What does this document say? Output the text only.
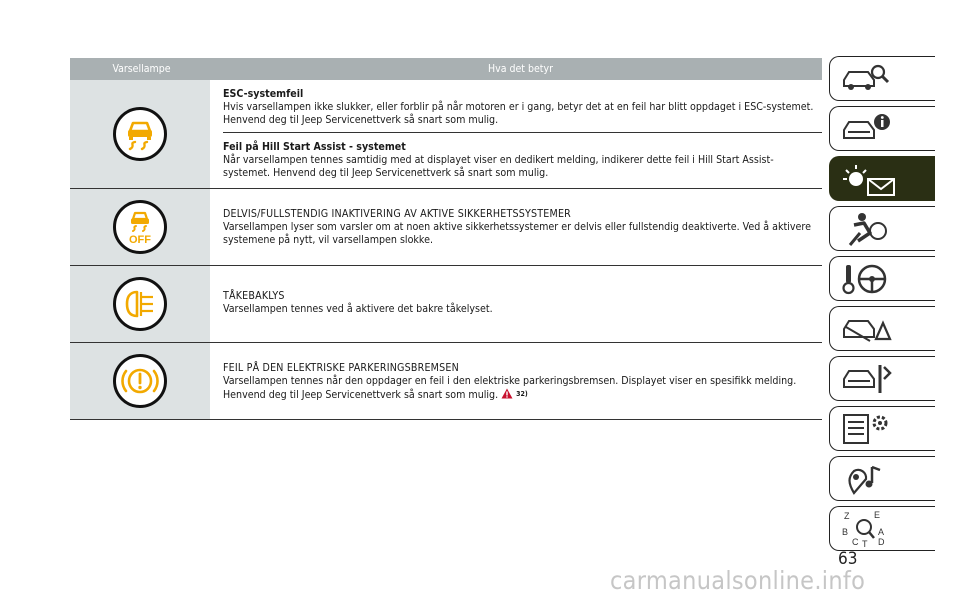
Varsellampe	Hva det betyr
ESC-systemfeil
Hvis varsellampen ikke slukker, eller forblir på når motoren er i gang, betyr det at en feil har blitt oppdaget i ESC-systemet. Henvend deg til Jeep Servicenettverk så snart som mulig.
Feil på Hill Start Assist - systemet
Når varsellampen tennes samtidig med at displayet viser en dedikert melding, indikerer dette feil i Hill Start Assist-systemet. Henvend deg til Jeep Servicenettverk så snart som mulig.
OFF
DELVIS/FULLSTENDIG INAKTIVERING AV AKTIVE SIKKERHETSSYSTEMER
Varsellampen lyser som varsler om at noen aktive sikkerhetssystemer er delvis eller fullstendig deaktiverte. Ved å aktivere systemene på nytt, vil varsellampen slokke.
TÅKEBAKLYS
Varsellampen tennes ved å aktivere det bakre tåkelyset.
FEIL PÅ DEN ELEKTRISKE PARKERINGSBREMSEN
Varsellampen tennes når den oppdager en feil i den elektriske parkeringsbremsen. Displayet viser en spesifikk melding. Henvend deg til Jeep Servicenettverk så snart som mulig.	32)
Z	E
B	A
C D
T
63
carmanualsonline.info
